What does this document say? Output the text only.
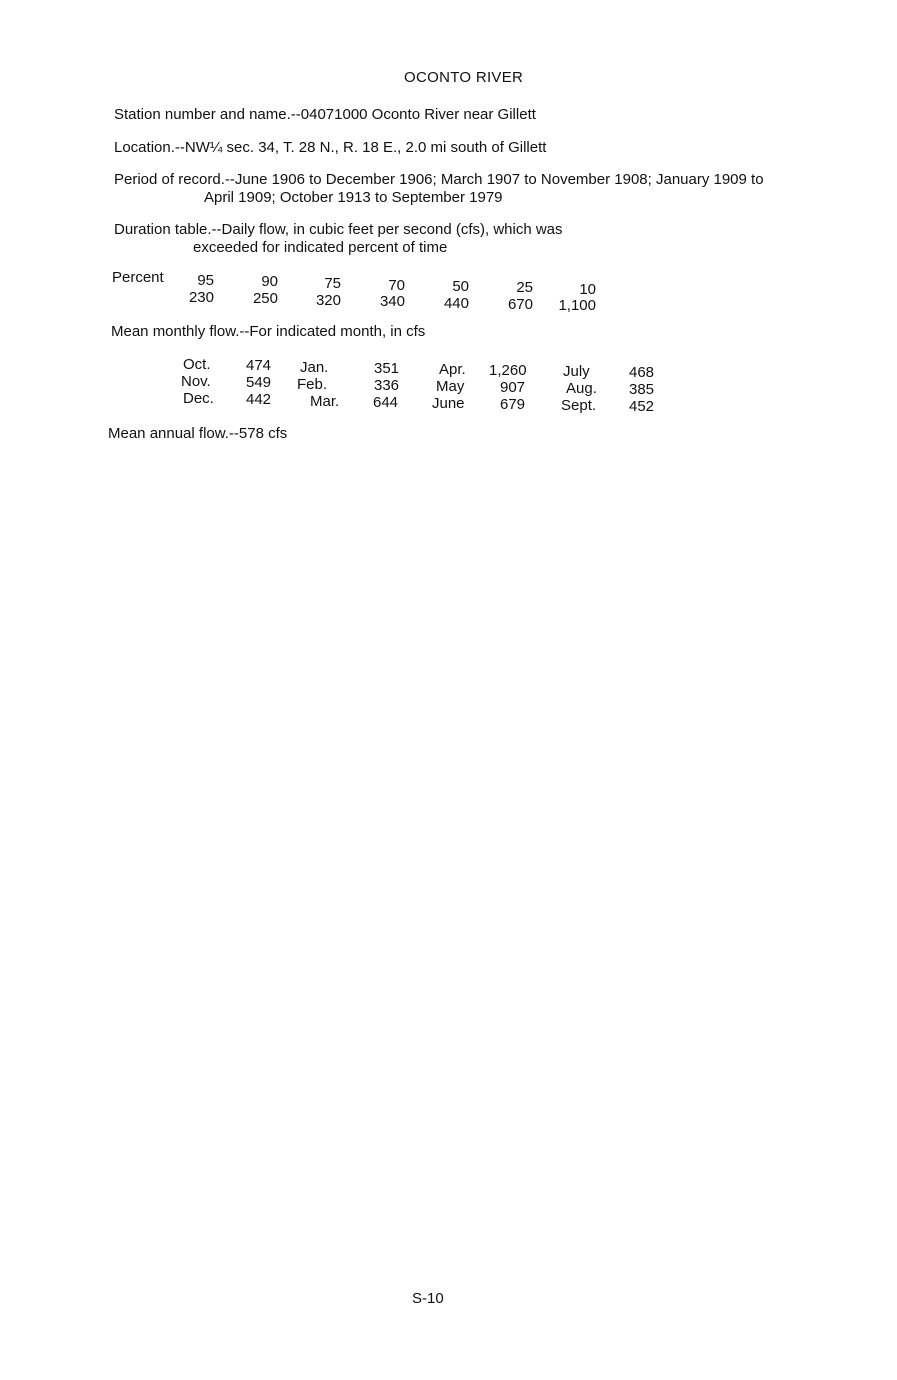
OCONTO RIVER
Station number and name.--04071000 Oconto River near Gillett
Location.--NW¼ sec. 34, T. 28 N., R. 18 E., 2.0 mi south of Gillett
Period of record.--June 1906 to December 1906; March 1907 to November 1908; January 1909 to
April 1909; October 1913 to September 1979
Duration table.--Daily flow, in cubic feet per second (cfs), which was
exceeded for indicated percent of time
Percent	95
230
90
250
75
320
70
340
50
440
25
670
10
1,100
Mean monthly flow.--For indicated month, in cfs
Oct.
Nov.
Dec.
474
549
442
Jan.
Feb.
Mar.
351
336
644
Apr.
May
June
1,260
907
679
July
Aug.
Sept.
468
385
452
Mean annual flow.--578 cfs
S-10
